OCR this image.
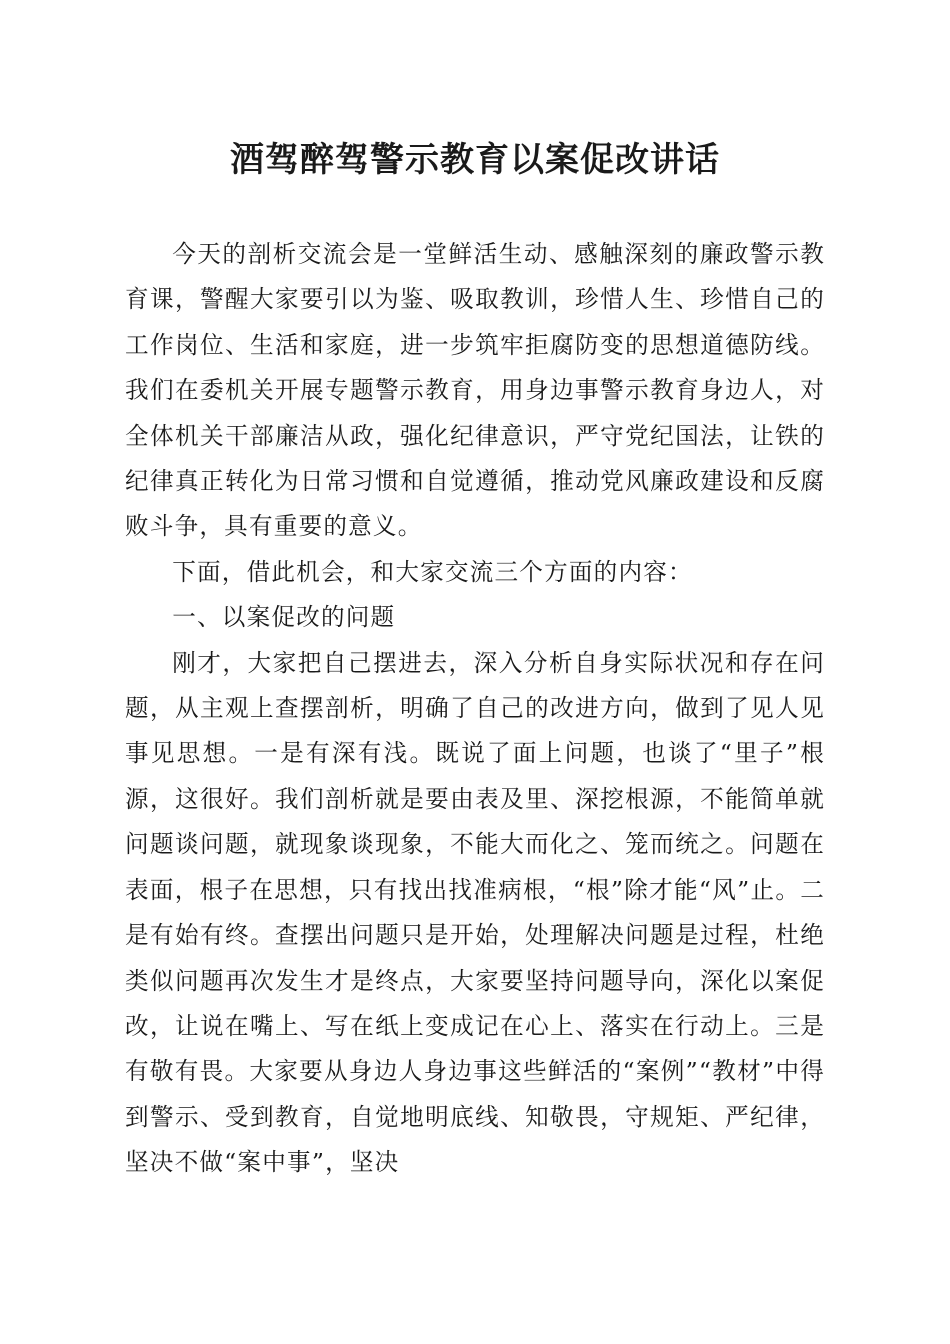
酒驾醉驾警示教育以案促改讲话

今天的剖析交流会是一堂鲜活生动、感触深刻的廉政警示教育课，警醒大家要引以为鉴、吸取教训，珍惜人生、珍惜自己的工作岗位、生活和家庭，进一步筑牢拒腐防变的思想道德防线。我们在委机关开展专题警示教育，用身边事警示教育身边人，对全体机关干部廉洁从政，强化纪律意识，严守党纪国法，让铁的纪律真正转化为日常习惯和自觉遵循，推动党风廉政建设和反腐败斗争，具有重要的意义。

下面，借此机会，和大家交流三个方面的内容：

一、以案促改的问题

刚才，大家把自己摆进去，深入分析自身实际状况和存在问题，从主观上查摆剖析，明确了自己的改进方向，做到了见人见事见思想。一是有深有浅。既说了面上问题，也谈了“里子”根源，这很好。我们剖析就是要由表及里、深挖根源，不能简单就问题谈问题，就现象谈现象，不能大而化之、笼而统之。问题在表面，根子在思想，只有找出找准病根，“根”除才能“风”止。二是有始有终。查摆出问题只是开始，处理解决问题是过程，杜绝类似问题再次发生才是终点，大家要坚持问题导向，深化以案促改，让说在嘴上、写在纸上变成记在心上、落实在行动上。三是有敬有畏。大家要从身边人身边事这些鲜活的“案例”“教材”中得到警示、受到教育，自觉地明底线、知敬畏，守规矩、严纪律，坚决不做“案中事”，坚决
